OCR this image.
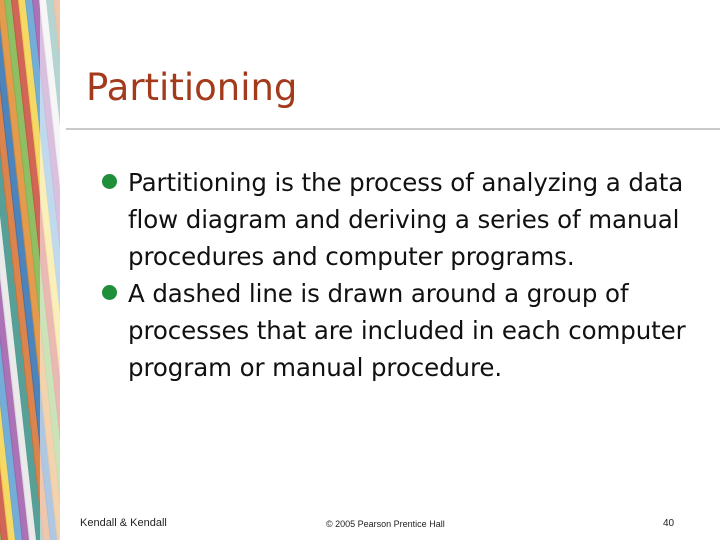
Partitioning
Partitioning is the process of analyzing a data flow diagram and deriving a series of manual procedures and computer programs.
A dashed line is drawn around a group of processes that are included in each computer program or manual procedure.
Kendall & Kendall	© 2005 Pearson Prentice Hall	40
